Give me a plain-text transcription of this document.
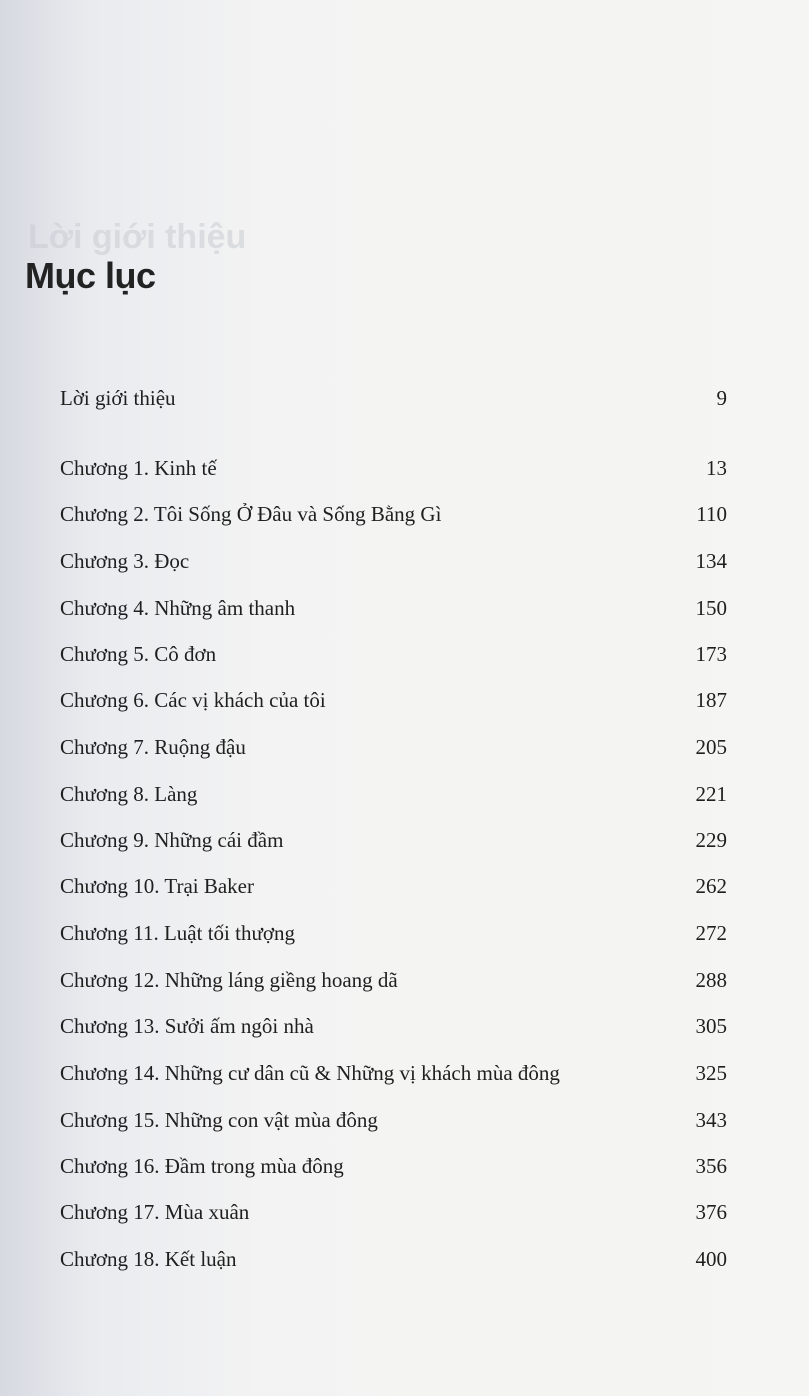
Lời giới thiệu
Mục lục
Lời giới thiệu	9
Chương 1. Kinh tế	13
Chương 2. Tôi Sống Ở Đâu và Sống Bằng Gì	110
Chương 3. Đọc	134
Chương 4. Những âm thanh	150
Chương 5. Cô đơn	173
Chương 6. Các vị khách của tôi	187
Chương 7. Ruộng đậu	205
Chương 8. Làng	221
Chương 9. Những cái đầm	229
Chương 10. Trại Baker	262
Chương 11. Luật tối thượng	272
Chương 12. Những láng giềng hoang dã	288
Chương 13. Sưởi ấm ngôi nhà	305
Chương 14. Những cư dân cũ & Những vị khách mùa đông	325
Chương 15. Những con vật mùa đông	343
Chương 16. Đầm trong mùa đông	356
Chương 17. Mùa xuân	376
Chương 18. Kết luận	400
